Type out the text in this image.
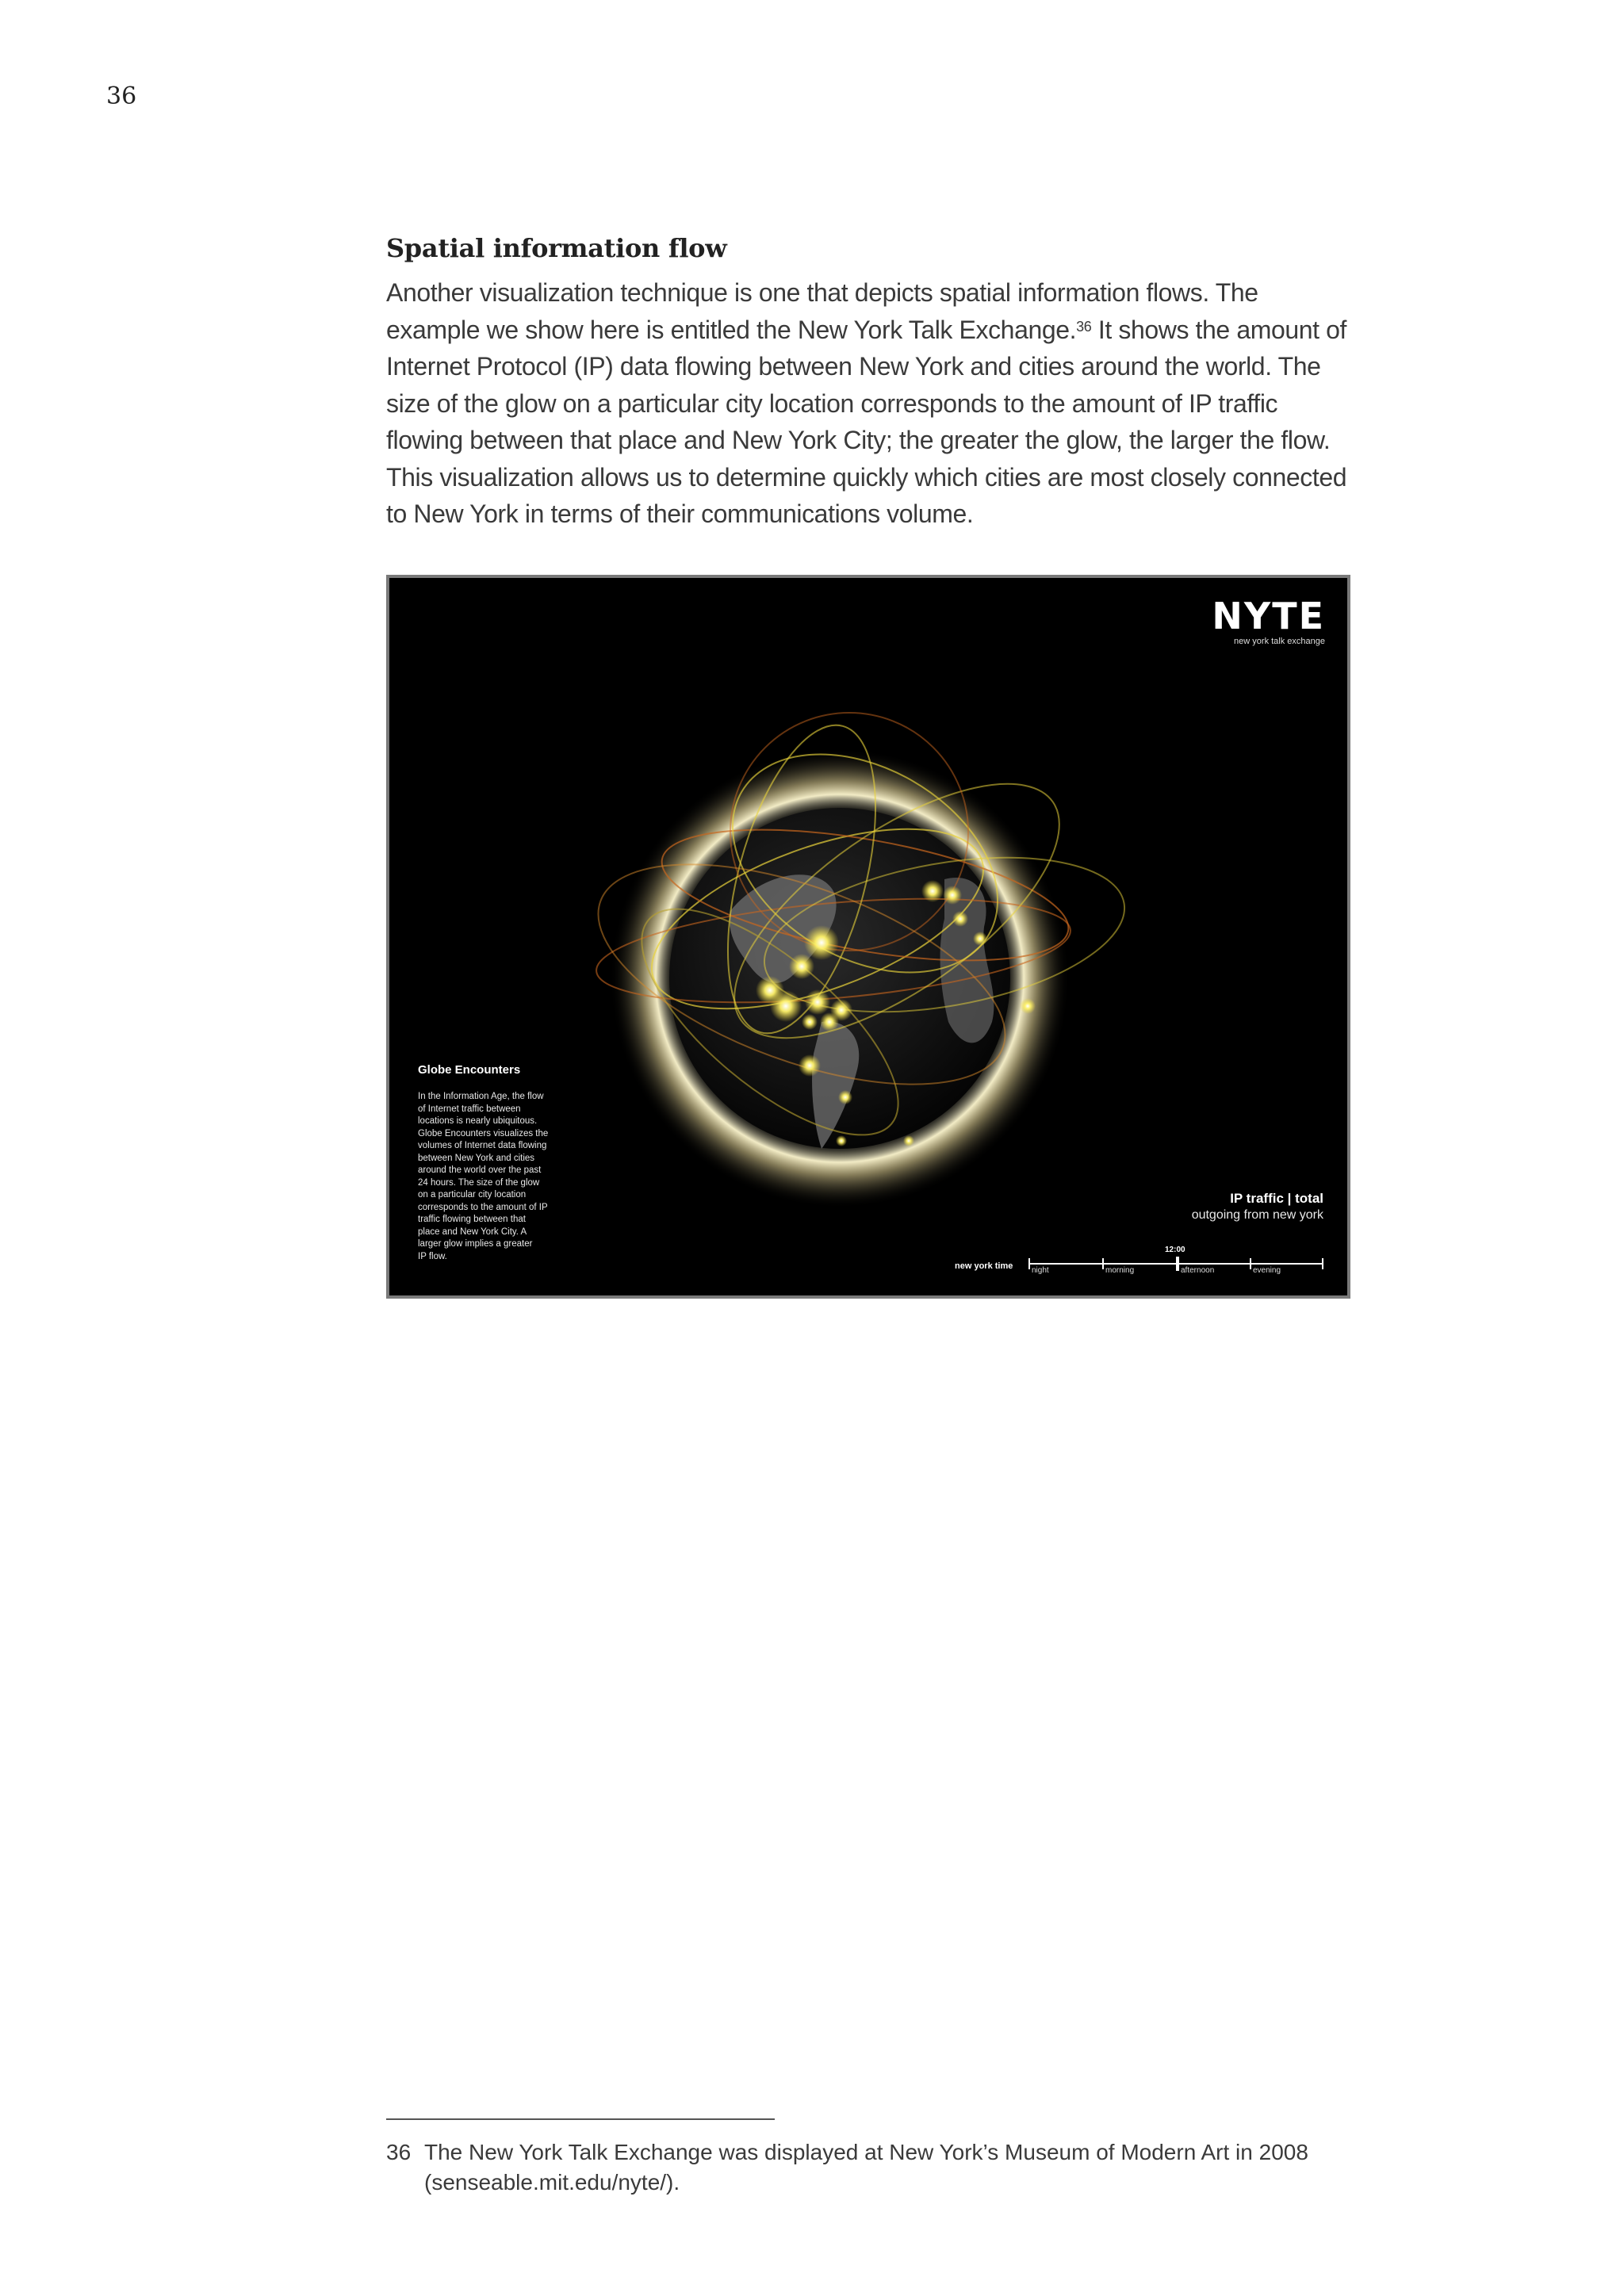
36
Spatial information flow

Another visualization technique is one that depicts spatial information flows. The example we show here is entitled the New York Talk Exchange.$^{36}$ It shows the amount of Internet Protocol (IP) data flowing between New York and cities around the world. The size of the glow on a particular city location corresponds to the amount of IP traffic flowing between that place and New York City; the greater the glow, the larger the flow. This visualization allows us to determine quickly which cities are most closely connected to New York in terms of their communications volume.

NYTE
new york talk exchange
Globe Encounters
In the Information Age, the flow
of Internet traffic between
locations is nearly ubiquitous.
Globe Encounters visualizes the
volumes of Internet data flowing
between New York and cities
around the world over the past
24 hours. The size of the glow
on a particular city location
corresponds to the amount of IP
traffic flowing between that
place and New York City. A
larger glow implies a greater
IP flow.
IP traffic | total
outgoing from new york
new york time
12:00
night	morning	afternoon	evening
36 The New York Talk Exchange was displayed at New York’s Museum of Modern Art in 2008 (senseable.mit.edu/nyte/).
